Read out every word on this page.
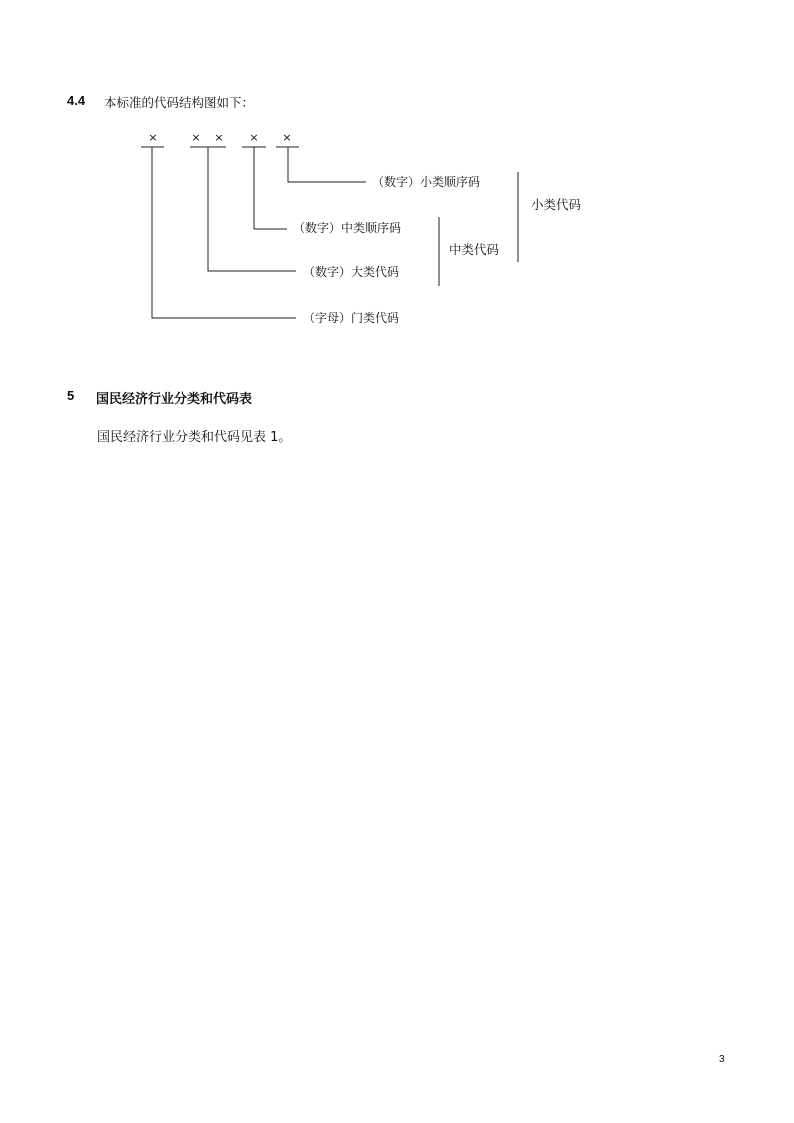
4.4 本标准的代码结构图如下：
×	× × × ×
（数字）小类顺序码
（数字）中类顺序码
（数字）大类代码
（字母）门类代码
小类代码
中类代码
5 国民经济行业分类和代码表
国民经济行业分类和代码见表 1。
3
